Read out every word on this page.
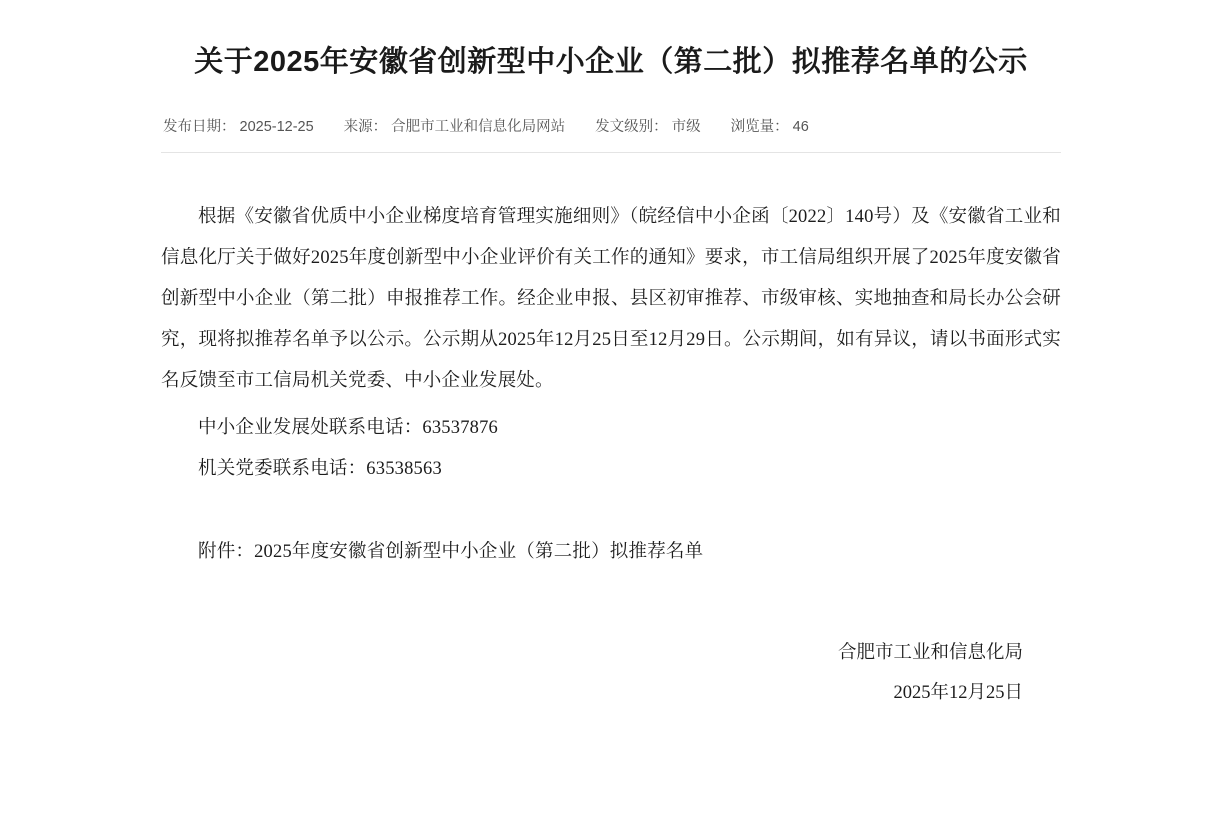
关于2025年安徽省创新型中小企业（第二批）拟推荐名单的公示
发布日期： 2025-12-25 来源： 合肥市工业和信息化局网站 发文级别： 市级 浏览量： 46

根据《安徽省优质中小企业梯度培育管理实施细则》（皖经信中小企函〔2022〕140号）及《安徽省工业和信息化厅关于做好2025年度创新型中小企业评价有关工作的通知》要求，市工信局组织开展了2025年度安徽省创新型中小企业（第二批）申报推荐工作。经企业申报、县区初审推荐、市级审核、实地抽查和局长办公会研究，现将拟推荐名单予以公示。公示期从2025年12月25日至12月29日。公示期间，如有异议，请以书面形式实名反馈至市工信局机关党委、中小企业发展处。

中小企业发展处联系电话：63537876

机关党委联系电话：63538563

附件：2025年度安徽省创新型中小企业（第二批）拟推荐名单

合肥市工业和信息化局
2025年12月25日
